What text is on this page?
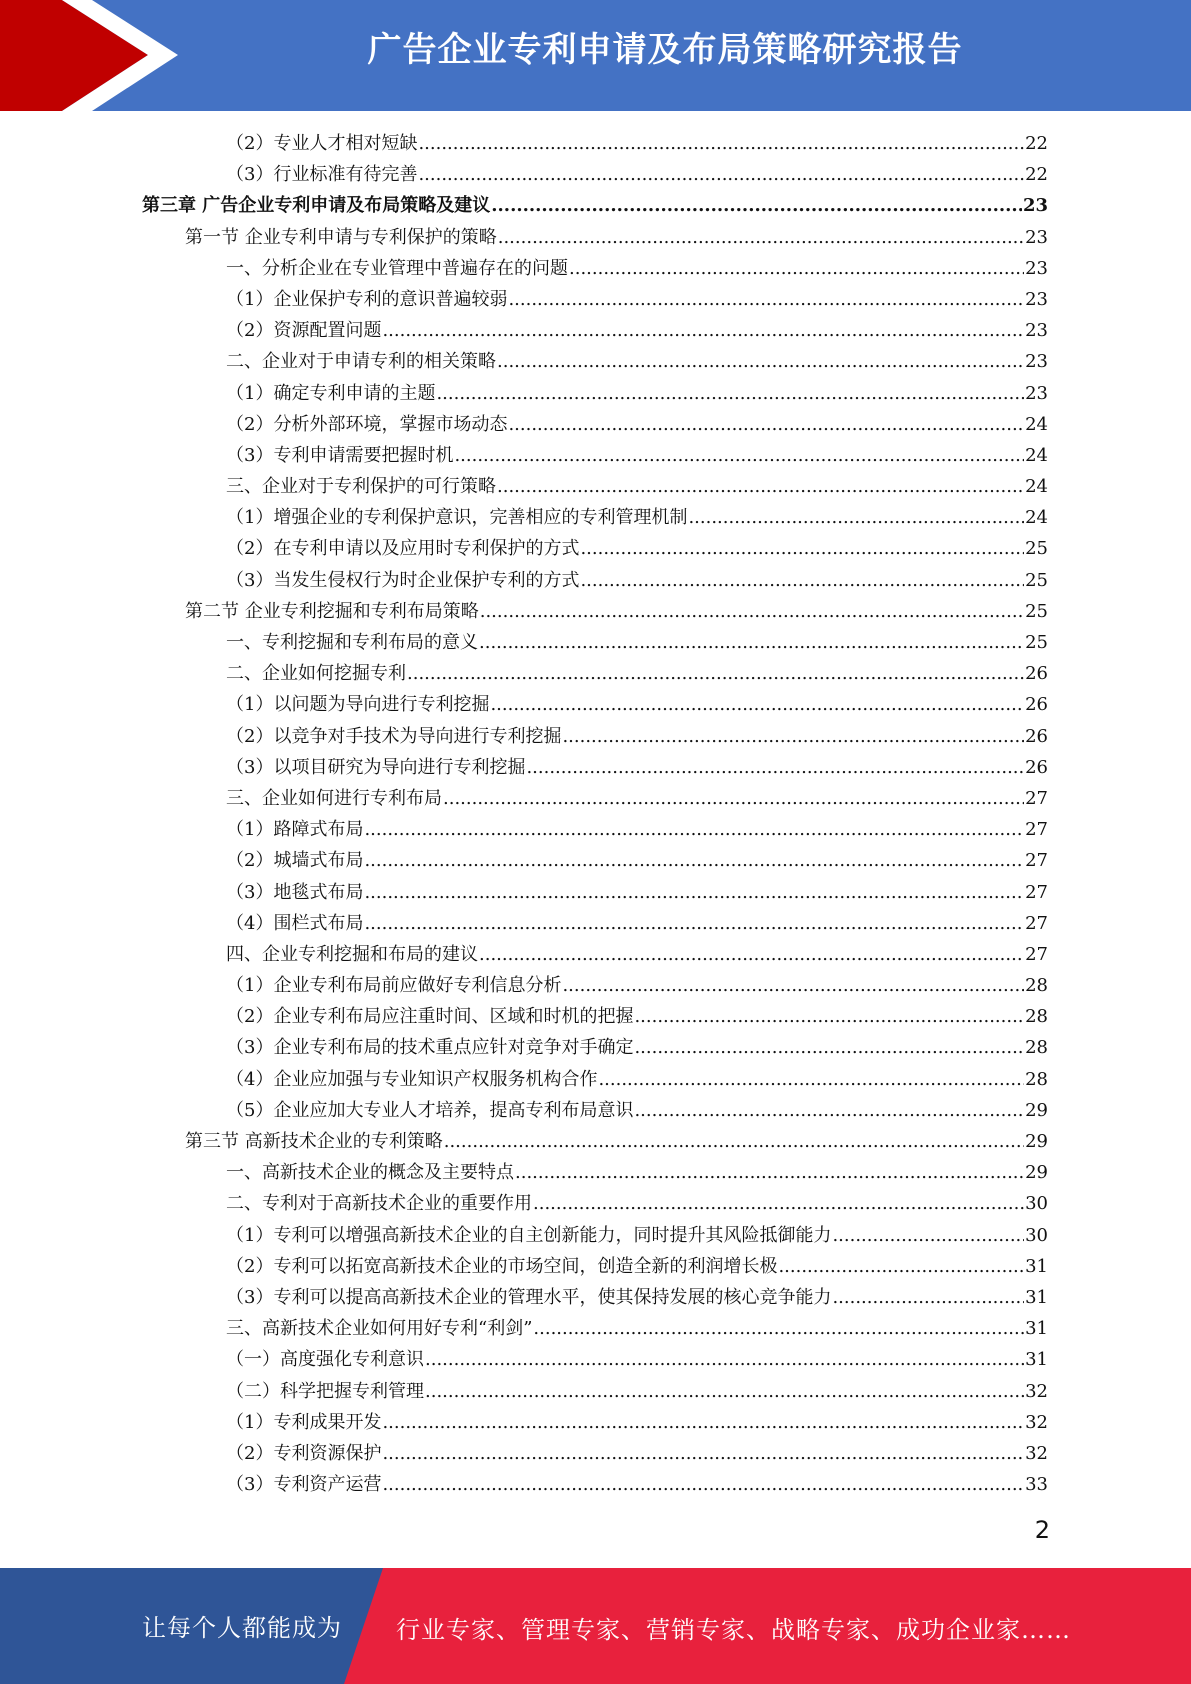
广告企业专利申请及布局策略研究报告
（2）专业人才相对短缺 .....	22
（3）行业标准有待完善 .....	22
第三章 广告企业专利申请及布局策略及建议 .....	23
第一节 企业专利申请与专利保护的策略 .....	23
一、分析企业在专业管理中普遍存在的问题 .....	23
（1）企业保护专利的意识普遍较弱 .....	23
（2）资源配置问题 .....	23
二、企业对于申请专利的相关策略 .....	23
（1）确定专利申请的主题 .....	23
（2）分析外部环境，掌握市场动态 .....	24
（3）专利申请需要把握时机 .....	24
三、企业对于专利保护的可行策略 .....	24
（1）增强企业的专利保护意识，完善相应的专利管理机制 .....	24
（2）在专利申请以及应用时专利保护的方式 .....	25
（3）当发生侵权行为时企业保护专利的方式 .....	25
第二节 企业专利挖掘和专利布局策略 .....	25
一、专利挖掘和专利布局的意义 .....	25
二、企业如何挖掘专利 .....	26
（1）以问题为导向进行专利挖掘 .....	26
（2）以竞争对手技术为导向进行专利挖掘 .....	26
（3）以项目研究为导向进行专利挖掘 .....	26
三、企业如何进行专利布局 .....	27
（1）路障式布局 .....	27
（2）城墙式布局 .....	27
（3）地毯式布局 .....	27
（4）围栏式布局 .....	27
四、企业专利挖掘和布局的建议 .....	27
（1）企业专利布局前应做好专利信息分析 .....	28
（2）企业专利布局应注重时间、区域和时机的把握 .....	28
（3）企业专利布局的技术重点应针对竞争对手确定 .....	28
（4）企业应加强与专业知识产权服务机构合作 .....	28
（5）企业应加大专业人才培养，提高专利布局意识 .....	29
第三节 高新技术企业的专利策略 .....	29
一、高新技术企业的概念及主要特点 .....	29
二、专利对于高新技术企业的重要作用 .....	30
（1）专利可以增强高新技术企业的自主创新能力，同时提升其风险抵御能力 .....	30
（2）专利可以拓宽高新技术企业的市场空间，创造全新的利润增长极 .....	31
（3）专利可以提高高新技术企业的管理水平，使其保持发展的核心竞争能力 .....	31
三、高新技术企业如何用好专利“利剑” .....	31
（一）高度强化专利意识 .....	31
（二）科学把握专利管理 .....	32
（1）专利成果开发 .....	32
（2）专利资源保护 .....	32
（3）专利资产运营 .....	33
2
让每个人都能成为 行业专家、管理专家、营销专家、战略专家、成功企业家……
